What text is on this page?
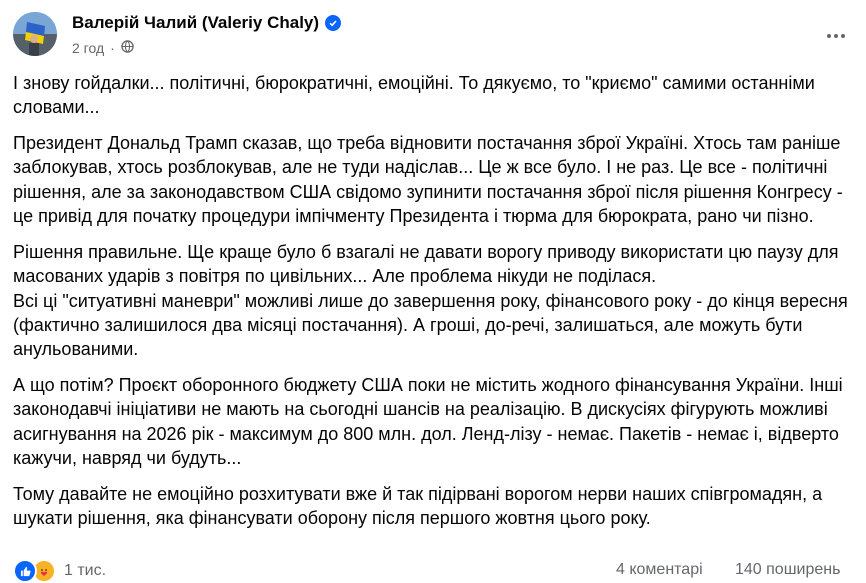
Валерій Чалий (Valeriy Chaly)
2 год ·

І знову гойдалки... політичні, бюрократичні, емоційні. То дякуємо, то "криємо" самими останніми словами...

Президент Дональд Трамп сказав, що треба відновити постачання зброї Україні. Хтось там раніше заблокував, хтось розблокував, але не туди надіслав... Це ж все було. І не раз. Це все - політичні рішення, але за законодавством США свідомо зупинити постачання зброї після рішення Конгресу - це привід для початку процедури імпічменту Президента і тюрма для бюрократа, рано чи пізно.

Рішення правильне. Ще краще було б взагалі не давати ворогу приводу використати цю паузу для масованих ударів з повітря по цивільних... Але проблема нікуди не поділася.
Всі ці "ситуативні маневри" можливі лише до завершення року, фінансового року - до кінця вересня (фактично залишилося два місяці постачання). А гроші, до-речі, залишаться, але можуть бути анульованими.

А що потім? Проєкт оборонного бюджету США поки не містить жодного фінансування України. Інші законодавчі ініціативи не мають на сьогодні шансів на реалізацію. В дискусіях фігурують можливі асигнування на 2026 рік - максимум до 800 млн. дол. Ленд-лізу - немає. Пакетів - немає і, відверто кажучи, навряд чи будуть...

Тому давайте не емоційно розхитувати вже й так підірвані ворогом нерви наших співгромадян, а шукати рішення, яка фінансувати оборону після першого жовтня цього року.

1 тис.	4 коментарі 140 поширень
